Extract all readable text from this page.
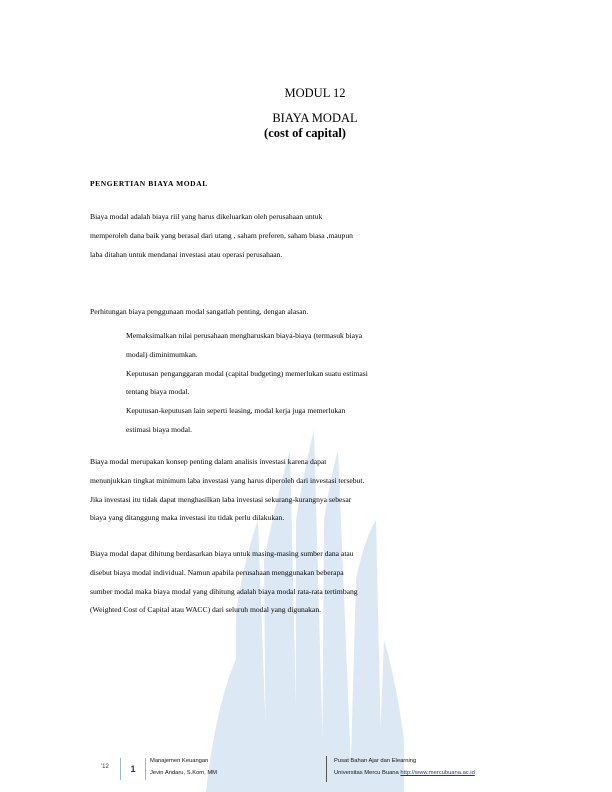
MODUL 12
BIAYA MODAL
(cost of capital)
PENGERTIAN BIAYA MODAL

Biaya modal adalah biaya riil yang harus dikeluarkan oleh perusahaan untuk

memperoleh dana baik yang berasal dari utang , saham preferen, saham biasa ,maupun

laba ditahan untuk mendanai investasi atau operasi perusahaan.

Perhitungan biaya penggunaan modal sangatlah penting, dengan alasan.

Memaksimalkan nilai perusahaan mengharuskan biaya-biaya (termasuk biaya

modal) diminimumkan.

Keputusan penganggaran modal (capital budgeting) memerlukan suatu estimasi

tentang biaya modal.

Keputusan-keputusan lain seperti leasing, modal kerja juga memerlukan

estimasi biaya modal.

Biaya modal merupakan konsep penting dalam analisis investasi karena dapat

menunjukkan tingkat minimum laba investasi yang harus diperoleh dari investasi tersebut.

Jika investasi itu tidak dapat menghasilkan laba investasi sekurang-kurangnya sebesar

biaya yang ditanggung maka investasi itu tidak perlu dilakukan.

Biaya modal dapat dihitung berdasarkan biaya untuk masing-masing sumber dana atau

disebut biaya modal individual. Namun apabila perusahaan menggunakan beberapa

sumber modal maka biaya modal yang dihitung adalah biaya modal rata-rata tertimbang

(Weighted Cost of Capital atau WACC) dari seluruh modal yang digunakan.

'12	1
Manajemen Keuangan
Jevin Andaru, S.Kom, MM
Pusat Bahan Ajar dan Elearning
Universitas Mercu Buana http://www.mercubuana.ac.id
